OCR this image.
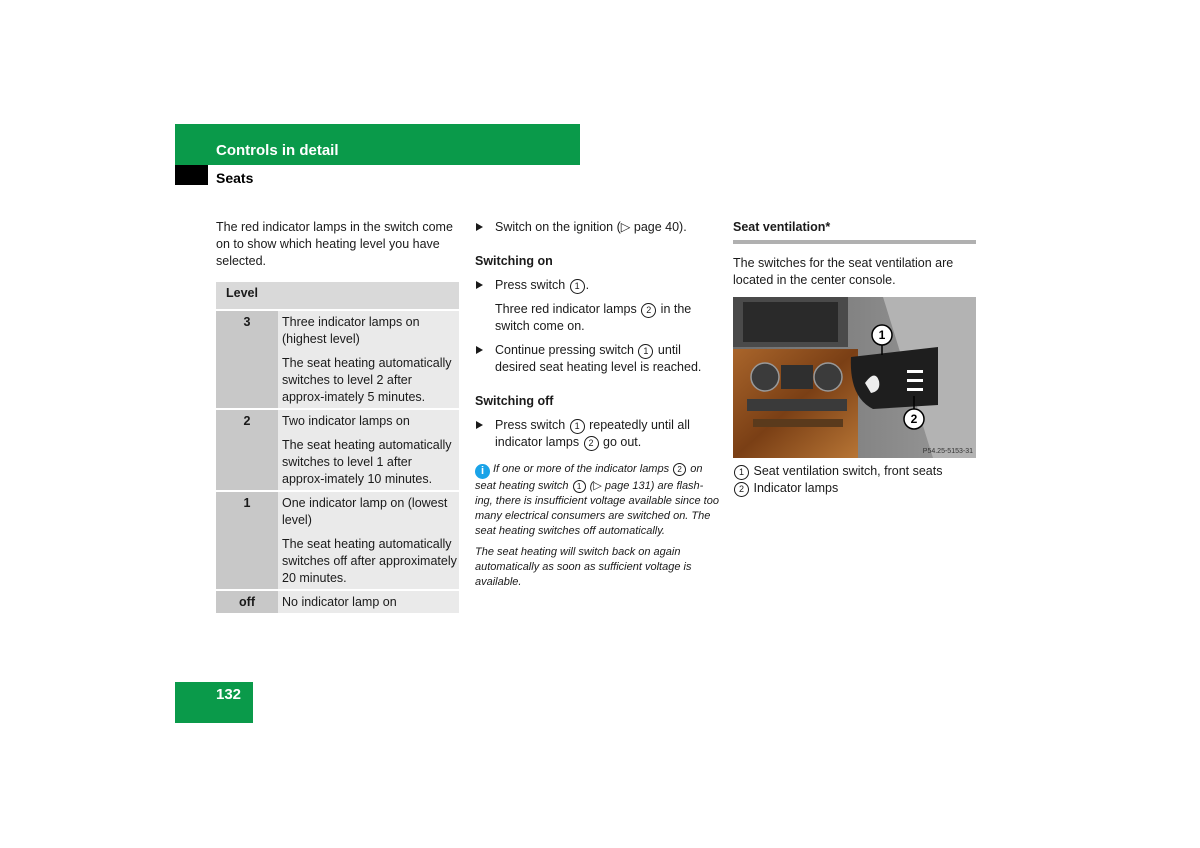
Controls in detail
Seats

The red indicator lamps in the switch come on to show which heating level you have selected.

Level	
3	Three indicator lamps on (highest level)

The seat heating automatically switches to level 2 after approx-imately 5 minutes.

2	Two indicator lamps on

The seat heating automatically switches to level 1 after approx-imately 10 minutes.

1	One indicator lamp on (lowest level)

The seat heating automatically switches off after approximately 20 minutes.

off	No indicator lamp on

Switch on the ignition (▷ page 40).

Switching on

Press switch 1 .

Three red indicator lamps 2 in the switch come on.

Continue pressing switch 1 until desired seat heating level is reached.

Switching off

Press switch 1 repeatedly until all indicator lamps 2 go out.

i If one or more of the indicator lamps 2 on seat heating switch 1 (▷ page 131) are flash-ing, there is insufficient voltage available since too many electrical consumers are switched on. The seat heating switches off automatically.

The seat heating will switch back on again automatically as soon as sufficient voltage is available.

Seat ventilation*

The switches for the seat ventilation are located in the center console.

1
2
P54.25-5153-31

1 Seat ventilation switch, front seats

2 Indicator lamps

132
